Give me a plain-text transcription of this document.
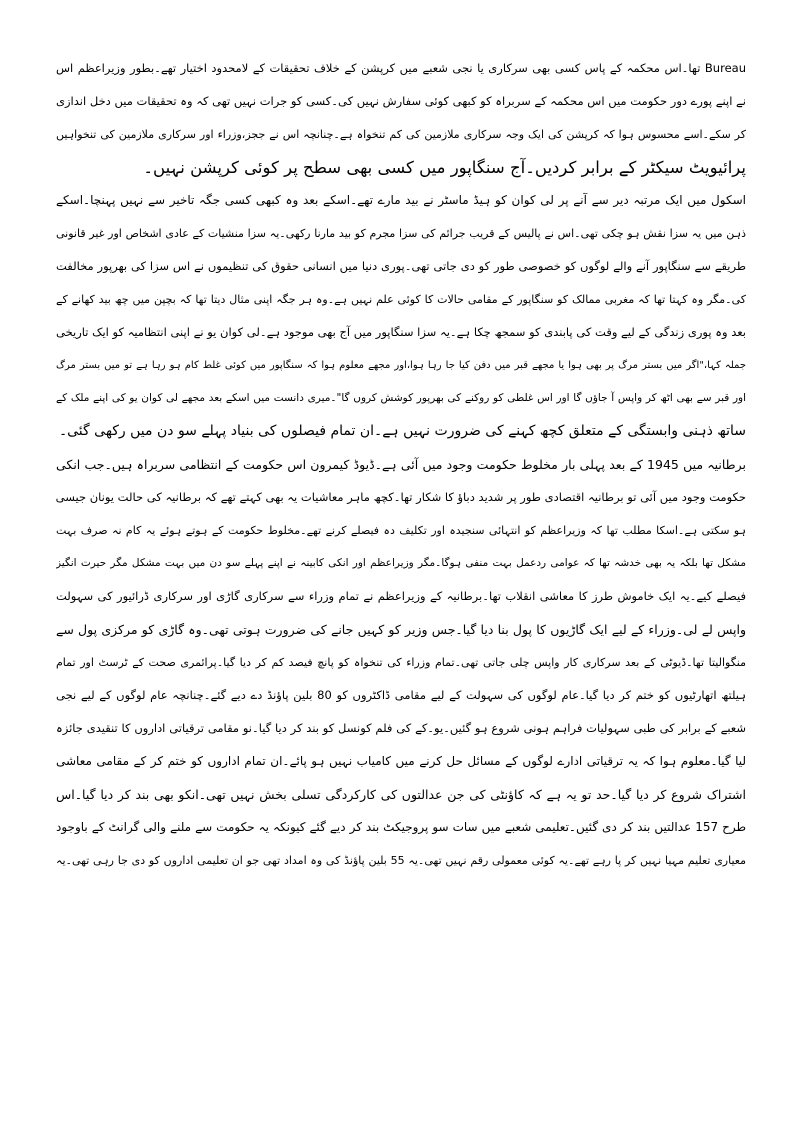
Bureau تھا۔اس محکمہ کے پاس کسی بھی سرکاری یا نجی شعبے میں کرپشن کے خلاف تحقیقات کے لامحدود اختیار تھے۔بطور وزیراعظم اس
نے اپنے پورے دور حکومت میں اس محکمہ کے سربراہ کو کبھی کوئی سفارش نہیں کی۔کسی کو جرات نہیں تھی کہ وہ تحقیقات میں دخل اندازی
کر سکے۔اسے محسوس ہوا کہ کرپشن کی ایک وجہ سرکاری ملازمین کی کم تنخواہ ہے۔چنانچہ اس نے ججز،وزراء اور سرکاری ملازمین کی تنخواہیں
پرائیویٹ سیکٹر کے برابر کردیں۔آج سنگاپور میں کسی بھی سطح پر کوئی کرپشن نہیں۔
اسکول میں ایک مرتبہ دیر سے آنے پر لی کوان کو ہیڈ ماسٹر نے بید مارے تھے۔اسکے بعد وہ کبھی کسی جگہ تاخیر سے نہیں پہنچا۔اسکے
ذہن میں یہ سزا نقش ہو چکی تھی۔اس نے پالیس کے قریب جرائم کی سزا مجرم کو بید مارنا رکھی۔یہ سزا منشیات کے عادی اشخاص اور غیر قانونی
طریقے سے سنگاپور آنے والے لوگوں کو خصوصی طور کو دی جاتی تھی۔پوری دنیا میں انسانی حقوق کی تنظیموں نے اس سزا کی بھرپور مخالفت
کی۔مگر وہ کہتا تھا کہ مغربی ممالک کو سنگاپور کے مقامی حالات کا کوئی علم نہیں ہے۔وہ ہر جگہ اپنی مثال دیتا تھا کہ بچپن میں چھ بید کھانے کے
بعد وہ پوری زندگی کے لیے وقت کی پابندی کو سمجھ چکا ہے۔یہ سزا سنگاپور میں آج بھی موجود ہے۔لی کوان یو نے اپنی انتظامیہ کو ایک تاریخی
جملہ کہا،"اگر میں بستر مرگ پر بھی ہوا یا مجھے قبر میں دفن کیا جا رہا ہوا،اور مجھے معلوم ہوا کہ سنگاپور میں کوئی غلط کام ہو رہا ہے تو میں بستر مرگ
اور قبر سے بھی اٹھ کر واپس آ جاؤں گا اور اس غلطی کو روکنے کی بھرپور کوشش کروں گا"۔میری دانست میں اسکے بعد مجھے لی کوان یو کی اپنے ملک کے
ساتھ ذہنی وابستگی کے متعلق کچھ کہنے کی ضرورت نہیں ہے۔ان تمام فیصلوں کی بنیاد پہلے سو دن میں رکھی گئی۔
برطانیہ میں 1945 کے بعد پہلی بار مخلوط حکومت وجود میں آئی ہے۔ڈیوڈ کیمرون اس حکومت کے انتظامی سربراہ ہیں۔جب انکی
حکومت وجود میں آئی تو برطانیہ اقتصادی طور پر شدید دباؤ کا شکار تھا۔کچھ ماہر معاشیات یہ بھی کہتے تھے کہ برطانیہ کی حالت یونان جیسی
ہو سکتی ہے۔اسکا مطلب تھا کہ وزیراعظم کو انتہائی سنجیدہ اور تکلیف دہ فیصلے کرنے تھے۔مخلوط حکومت کے ہوتے ہوئے یہ کام نہ صرف بہت
مشکل تھا بلکہ یہ بھی خدشہ تھا کہ عوامی ردعمل بہت منفی ہوگا۔مگر وزیراعظم اور انکی کابینہ نے اپنے پہلے سو دن میں بہت مشکل مگر حیرت انگیز
فیصلے کیے۔یہ ایک خاموش طرز کا معاشی انقلاب تھا۔برطانیہ کے وزیراعظم نے تمام وزراء سے سرکاری گاڑی اور سرکاری ڈرائیور کی سہولت
واپس لے لی۔وزراء کے لیے ایک گاڑیوں کا پول بنا دیا گیا۔جس وزیر کو کہیں جانے کی ضرورت ہوتی تھی۔وہ گاڑی کو مرکزی پول سے
منگوالیتا تھا۔ڈیوٹی کے بعد سرکاری کار واپس چلی جاتی تھی۔تمام وزراء کی تنخواہ کو پانچ فیصد کم کر دیا گیا۔پرائمری صحت کے ٹرسٹ اور تمام
ہیلتھ اتھارٹیوں کو ختم کر دیا گیا۔عام لوگوں کی سہولت کے لیے مقامی ڈاکٹروں کو 80 بلین پاؤنڈ دے دیے گئے۔چنانچہ عام لوگوں کے لیے نجی
شعبے کے برابر کی طبی سہولیات فراہم ہونی شروع ہو گئیں۔یو۔کے کی فلم کونسل کو بند کر دیا گیا۔نو مقامی ترقیاتی اداروں کا تنقیدی جائزہ
لیا گیا۔معلوم ہوا کہ یہ ترقیاتی ادارے لوگوں کے مسائل حل کرنے میں کامیاب نہیں ہو پائے۔ان تمام اداروں کو ختم کر کے مقامی معاشی
اشتراک شروع کر دیا گیا۔حد تو یہ ہے کہ کاؤنٹی کی جن عدالتوں کی کارکردگی تسلی بخش نہیں تھی۔انکو بھی بند کر دیا گیا۔اس
طرح 157 عدالتیں بند کر دی گئیں۔تعلیمی شعبے میں سات سو پروجیکٹ بند کر دیے گئے کیونکہ یہ حکومت سے ملنے والی گرانٹ کے باوجود
معیاری تعلیم مہیا نہیں کر پا رہے تھے۔یہ کوئی معمولی رقم نہیں تھی۔یہ 55 بلین پاؤنڈ کی وہ امداد تھی جو ان تعلیمی اداروں کو دی جا رہی تھی۔یہ
